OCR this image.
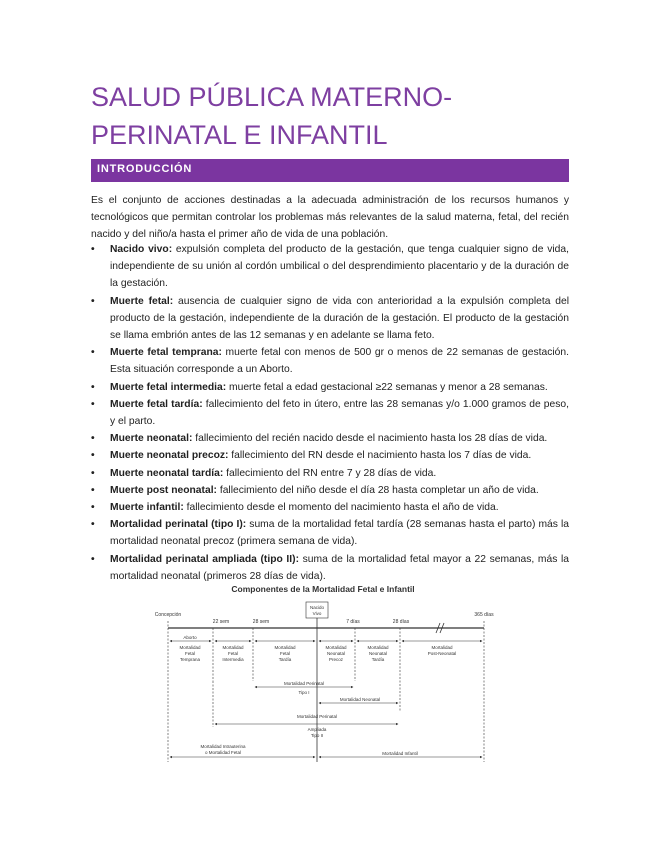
SALUD PÚBLICA MATERNO-PERINATAL E INFANTIL
INTRODUCCIÓN

Es el conjunto de acciones destinadas a la adecuada administración de los recursos humanos y tecnológicos que permitan controlar los problemas más relevantes de la salud materna, fetal, del recién nacido y del niño/a hasta el primer año de vida de una población.

• Nacido vivo: expulsión completa del producto de la gestación, que tenga cualquier signo de vida, independiente de su unión al cordón umbilical o del desprendimiento placentario y de la duración de la gestación.
• Muerte fetal: ausencia de cualquier signo de vida con anterioridad a la expulsión completa del producto de la gestación, independiente de la duración de la gestación. El producto de la gestación se llama embrión antes de las 12 semanas y en adelante se llama feto.
• Muerte fetal temprana: muerte fetal con menos de 500 gr o menos de 22 semanas de gestación. Esta situación corresponde a un Aborto.
• Muerte fetal intermedia: muerte fetal a edad gestacional ≥22 semanas y menor a 28 semanas.
• Muerte fetal tardía: fallecimiento del feto in útero, entre las 28 semanas y/o 1.000 gramos de peso, y el parto.
• Muerte neonatal: fallecimiento del recién nacido desde el nacimiento hasta los 28 días de vida.
• Muerte neonatal precoz: fallecimiento del RN desde el nacimiento hasta los 7 días de vida.
• Muerte neonatal tardía: fallecimiento del RN entre 7 y 28 días de vida.
• Muerte post neonatal: fallecimiento del niño desde el día 28 hasta completar un año de vida.
• Muerte infantil: fallecimiento desde el momento del nacimiento hasta el año de vida.
• Mortalidad perinatal (tipo I): suma de la mortalidad fetal tardía (28 semanas hasta el parto) más la mortalidad neonatal precoz (primera semana de vida).
• Mortalidad perinatal ampliada (tipo II): suma de la mortalidad fetal mayor a 22 semanas, más la mortalidad neonatal (primeros 28 días de vida).
Componentes de la Mortalidad Fetal e Infantil
Concepción
22 sem	28 sem	7 días	28 días
365 días
Nacido
Vivo
Aborto
Mortalidad
Fetal
Temprana
Mortalidad
Fetal
Intermedia
Mortalidad
Fetal
Tardía
Mortalidad
Neonatal
Precoz
Mortalidad
Neonatal
Tardía
Mortalidad
Post-Neonatal
Mortalidad Perinatal
Tipo I
Mortalidad Neonatal
Mortalidad Perinatal
Ampliada
Tipo II
Mortalidad Intrauterina
o Mortalidad Fetal	Mortalidad Infantil
